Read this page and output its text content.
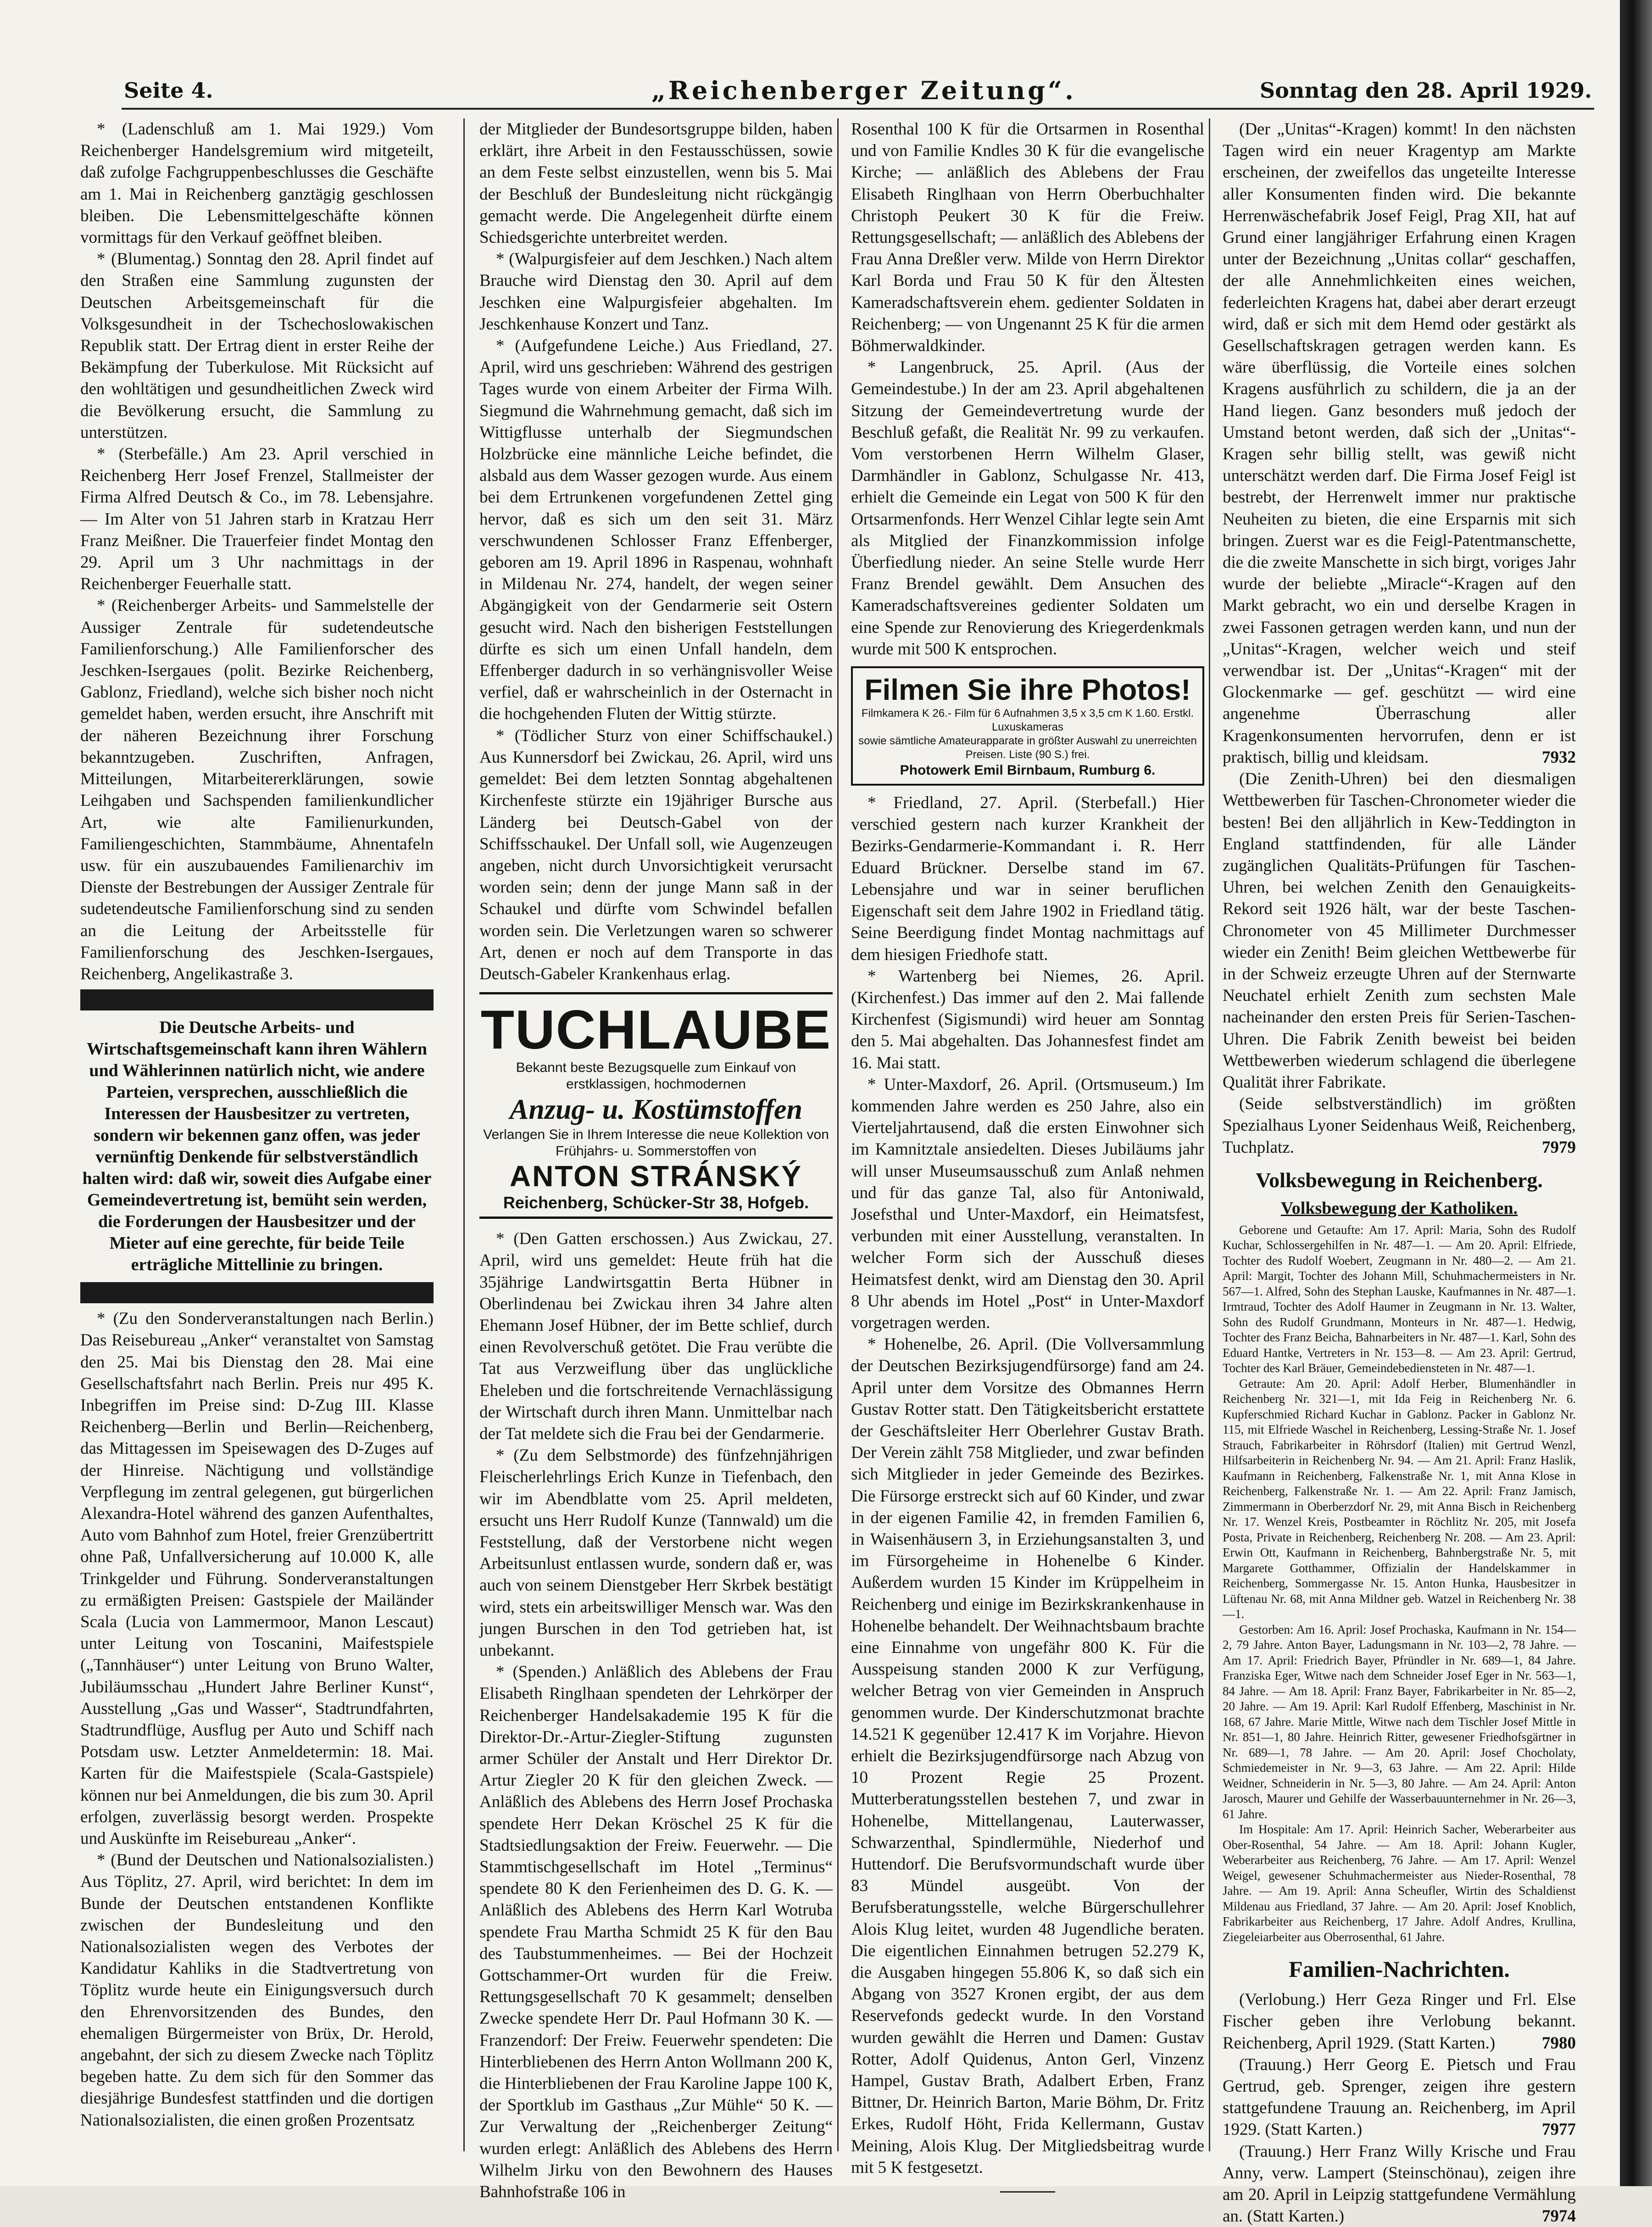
Seite 4.	„Reichenberger Zeitung“.	Sonntag den 28. April 1929.

* (Ladenschluß am 1. Mai 1929.) Vom Reichenberger Handelsgremium wird mitgeteilt, daß zufolge Fachgruppenbeschlusses die Geschäfte am 1. Mai in Reichenberg ganztägig geschlossen bleiben. Die Lebensmittelgeschäfte können vormittags für den Verkauf geöffnet bleiben.

* (Blumentag.) Sonntag den 28. April findet auf den Straßen eine Sammlung zugunsten der Deutschen Arbeitsgemeinschaft für die Volksgesundheit in der Tschechoslowakischen Republik statt. Der Ertrag dient in erster Reihe der Bekämpfung der Tuberkulose. Mit Rücksicht auf den wohltätigen und gesundheitlichen Zweck wird die Bevölkerung ersucht, die Sammlung zu unterstützen.

* (Sterbefälle.) Am 23. April verschied in Reichenberg Herr Josef Frenzel, Stallmeister der Firma Alfred Deutsch & Co., im 78. Lebensjahre. — Im Alter von 51 Jahren starb in Kratzau Herr Franz Meißner. Die Trauerfeier findet Montag den 29. April um 3 Uhr nachmittags in der Reichenberger Feuerhalle statt.

* (Reichenberger Arbeits- und Sammelstelle der Aussiger Zentrale für sudetendeutsche Familienforschung.) Alle Familienforscher des Jeschken-Isergaues (polit. Bezirke Reichenberg, Gablonz, Friedland), welche sich bisher noch nicht gemeldet haben, werden ersucht, ihre Anschrift mit der näheren Bezeichnung ihrer Forschung bekanntzugeben. Zuschriften, Anfragen, Mitteilungen, Mitarbeitererklärungen, sowie Leihgaben und Sachspenden familienkundlicher Art, wie alte Familienurkunden, Familiengeschichten, Stammbäume, Ahnentafeln usw. für ein auszubauendes Familienarchiv im Dienste der Bestrebungen der Aussiger Zentrale für sudetendeutsche Familienforschung sind zu senden an die Leitung der Arbeitsstelle für Familienforschung des Jeschken-Isergaues, Reichenberg, Angelikastraße 3.

Die Deutsche Arbeits- und Wirtschaftsgemeinschaft kann ihren Wählern und Wählerinnen natürlich nicht, wie andere Parteien, versprechen, ausschließlich die Interessen der Hausbesitzer zu vertreten, sondern wir bekennen ganz offen, was jeder vernünftig Denkende für selbstverständlich halten wird: daß wir, soweit dies Aufgabe einer Gemeindevertretung ist, bemüht sein werden, die Forderungen der Hausbesitzer und der Mieter auf eine gerechte, für beide Teile erträgliche Mittellinie zu bringen.

* (Zu den Sonderveranstaltungen nach Berlin.) Das Reisebureau „Anker“ veranstaltet von Samstag den 25. Mai bis Dienstag den 28. Mai eine Gesellschaftsfahrt nach Berlin. Preis nur 495 K. Inbegriffen im Preise sind: D-Zug III. Klasse Reichenberg—Berlin und Berlin—Reichenberg, das Mittagessen im Speisewagen des D-Zuges auf der Hinreise. Nächtigung und vollständige Verpflegung im zentral gelegenen, gut bürgerlichen Alexandra-Hotel während des ganzen Aufenthaltes, Auto vom Bahnhof zum Hotel, freier Grenzübertritt ohne Paß, Unfallversicherung auf 10.000 K, alle Trinkgelder und Führung. Sonderveranstaltungen zu ermäßigten Preisen: Gastspiele der Mailänder Scala (Lucia von Lammermoor, Manon Lescaut) unter Leitung von Toscanini, Maifestspiele („Tannhäuser“) unter Leitung von Bruno Walter, Jubiläumsschau „Hundert Jahre Berliner Kunst“, Ausstellung „Gas und Wasser“, Stadtrundfahrten, Stadtrundflüge, Ausflug per Auto und Schiff nach Potsdam usw. Letzter Anmeldetermin: 18. Mai. Karten für die Maifestspiele (Scala-Gastspiele) können nur bei Anmeldungen, die bis zum 30. April erfolgen, zuverlässig besorgt werden. Prospekte und Auskünfte im Reisebureau „Anker“.

* (Bund der Deutschen und Nationalsozialisten.) Aus Töplitz, 27. April, wird berichtet: In dem im Bunde der Deutschen entstandenen Konflikte zwischen der Bundesleitung und den Nationalsozialisten wegen des Verbotes der Kandidatur Kahliks in die Stadtvertretung von Töplitz wurde heute ein Einigungsversuch durch den Ehrenvorsitzenden des Bundes, den ehemaligen Bürgermeister von Brüx, Dr. Herold, angebahnt, der sich zu diesem Zwecke nach Töplitz begeben hatte. Zu dem sich für den Sommer das diesjährige Bundesfest stattfinden und die dortigen Nationalsozialisten, die einen großen Prozentsatz

der Mitglieder der Bundesortsgruppe bilden, haben erklärt, ihre Arbeit in den Festausschüssen, sowie an dem Feste selbst einzustellen, wenn bis 5. Mai der Beschluß der Bundesleitung nicht rückgängig gemacht werde. Die Angelegenheit dürfte einem Schiedsgerichte unterbreitet werden.

* (Walpurgisfeier auf dem Jeschken.) Nach altem Brauche wird Dienstag den 30. April auf dem Jeschken eine Walpurgisfeier abgehalten. Im Jeschkenhause Konzert und Tanz.

* (Aufgefundene Leiche.) Aus Friedland, 27. April, wird uns geschrieben: Während des gestrigen Tages wurde von einem Arbeiter der Firma Wilh. Siegmund die Wahrnehmung gemacht, daß sich im Wittigflusse unterhalb der Siegmundschen Holzbrücke eine männliche Leiche befindet, die alsbald aus dem Wasser gezogen wurde. Aus einem bei dem Ertrunkenen vorgefundenen Zettel ging hervor, daß es sich um den seit 31. März verschwundenen Schlosser Franz Effenberger, geboren am 19. April 1896 in Raspenau, wohnhaft in Mildenau Nr. 274, handelt, der wegen seiner Abgängigkeit von der Gendarmerie seit Ostern gesucht wird. Nach den bisherigen Feststellungen dürfte es sich um einen Unfall handeln, dem Effenberger dadurch in so verhängnisvoller Weise verfiel, daß er wahrscheinlich in der Osternacht in die hochgehenden Fluten der Wittig stürzte.

* (Tödlicher Sturz von einer Schiffschaukel.) Aus Kunnersdorf bei Zwickau, 26. April, wird uns gemeldet: Bei dem letzten Sonntag abgehaltenen Kirchenfeste stürzte ein 19jähriger Bursche aus Länderg bei Deutsch-Gabel von der Schiffsschaukel. Der Unfall soll, wie Augenzeugen angeben, nicht durch Unvorsichtigkeit verursacht worden sein; denn der junge Mann saß in der Schaukel und dürfte vom Schwindel befallen worden sein. Die Verletzungen waren so schwerer Art, denen er noch auf dem Transporte in das Deutsch-Gabeler Krankenhaus erlag.

TUCHLAUBE
Bekannt beste Bezugsquelle zum Einkauf von erstklassigen, hochmodernen
Anzug- u. Kostümstoffen
Verlangen Sie in Ihrem Interesse die neue Kollektion von Frühjahrs- u. Sommerstoffen von
ANTON STRÁNSKÝ
Reichenberg, Schücker-Str 38, Hofgeb.

* (Den Gatten erschossen.) Aus Zwickau, 27. April, wird uns gemeldet: Heute früh hat die 35jährige Landwirtsgattin Berta Hübner in Oberlindenau bei Zwickau ihren 34 Jahre alten Ehemann Josef Hübner, der im Bette schlief, durch einen Revolverschuß getötet. Die Frau verübte die Tat aus Verzweiflung über das unglückliche Eheleben und die fortschreitende Vernachlässigung der Wirtschaft durch ihren Mann. Unmittelbar nach der Tat meldete sich die Frau bei der Gendarmerie.

* (Zu dem Selbstmorde) des fünfzehnjährigen Fleischerlehrlings Erich Kunze in Tiefenbach, den wir im Abendblatte vom 25. April meldeten, ersucht uns Herr Rudolf Kunze (Tannwald) um die Feststellung, daß der Verstorbene nicht wegen Arbeitsunlust entlassen wurde, sondern daß er, was auch von seinem Dienstgeber Herr Skrbek bestätigt wird, stets ein arbeitswilliger Mensch war. Was den jungen Burschen in den Tod getrieben hat, ist unbekannt.

* (Spenden.) Anläßlich des Ablebens der Frau Elisabeth Ringlhaan spendeten der Lehrkörper der Reichenberger Handelsakademie 195 K für die Direktor-Dr.-Artur-Ziegler-Stiftung zugunsten armer Schüler der Anstalt und Herr Direktor Dr. Artur Ziegler 20 K für den gleichen Zweck. — Anläßlich des Ablebens des Herrn Josef Prochaska spendete Herr Dekan Kröschel 25 K für die Stadtsiedlungsaktion der Freiw. Feuerwehr. — Die Stammtischgesellschaft im Hotel „Terminus“ spendete 80 K den Ferienheimen des D. G. K. — Anläßlich des Ablebens des Herrn Karl Wotruba spendete Frau Martha Schmidt 25 K für den Bau des Taubstummenheimes. — Bei der Hochzeit Gottschammer-Ort wurden für die Freiw. Rettungsgesellschaft 70 K gesammelt; denselben Zwecke spendete Herr Dr. Paul Hofmann 30 K. — Franzendorf: Der Freiw. Feuerwehr spendeten: Die Hinterbliebenen des Herrn Anton Wollmann 200 K, die Hinterbliebenen der Frau Karoline Jappe 100 K, der Sportklub im Gasthaus „Zur Mühle“ 50 K. — Zur Verwaltung der „Reichenberger Zeitung“ wurden erlegt: Anläßlich des Ablebens des Herrn Wilhelm Jirku von den Bewohnern des Hauses Bahnhofstraße 106 in

Rosenthal 100 K für die Ortsarmen in Rosenthal und von Familie Kndles 30 K für die evangelische Kirche; — anläßlich des Ablebens der Frau Elisabeth Ringlhaan von Herrn Oberbuchhalter Christoph Peukert 30 K für die Freiw. Rettungsgesellschaft; — anläßlich des Ablebens der Frau Anna Dreßler verw. Milde von Herrn Direktor Karl Borda und Frau 50 K für den Ältesten Kameradschaftsverein ehem. gedienter Soldaten in Reichenberg; — von Ungenannt 25 K für die armen Böhmerwaldkinder.

* Langenbruck, 25. April. (Aus der Gemeindestube.) In der am 23. April abgehaltenen Sitzung der Gemeindevertretung wurde der Beschluß gefaßt, die Realität Nr. 99 zu verkaufen. Vom verstorbenen Herrn Wilhelm Glaser, Darmhändler in Gablonz, Schulgasse Nr. 413, erhielt die Gemeinde ein Legat von 500 K für den Ortsarmenfonds. Herr Wenzel Cihlar legte sein Amt als Mitglied der Finanzkommission infolge Überfiedlung nieder. An seine Stelle wurde Herr Franz Brendel gewählt. Dem Ansuchen des Kameradschaftsvereines gedienter Soldaten um eine Spende zur Renovierung des Kriegerdenkmals wurde mit 500 K entsprochen.

Filmen Sie ihre Photos!
Filmkamera K 26.- Film für 6 Aufnahmen 3,5 x 3,5 cm K 1.60. Erstkl. Luxuskameras
sowie sämtliche Amateurapparate in größter Auswahl zu unerreichten Preisen. Liste (90 S.) frei.
Photowerk Emil Birnbaum, Rumburg 6.

* Friedland, 27. April. (Sterbefall.) Hier verschied gestern nach kurzer Krankheit der Bezirks-Gendarmerie-Kommandant i. R. Herr Eduard Brückner. Derselbe stand im 67. Lebensjahre und war in seiner beruflichen Eigenschaft seit dem Jahre 1902 in Friedland tätig. Seine Beerdigung findet Montag nachmittags auf dem hiesigen Friedhofe statt.

* Wartenberg bei Niemes, 26. April. (Kirchenfest.) Das immer auf den 2. Mai fallende Kirchenfest (Sigismundi) wird heuer am Sonntag den 5. Mai abgehalten. Das Johannesfest findet am 16. Mai statt.

* Unter-Maxdorf, 26. April. (Ortsmuseum.) Im kommenden Jahre werden es 250 Jahre, also ein Vierteljahrtausend, daß die ersten Einwohner sich im Kamnitztale ansiedelten. Dieses Jubiläums jahr will unser Museumsausschuß zum Anlaß nehmen und für das ganze Tal, also für Antoniwald, Josefsthal und Unter-Maxdorf, ein Heimatsfest, verbunden mit einer Ausstellung, veranstalten. In welcher Form sich der Ausschuß dieses Heimatsfest denkt, wird am Dienstag den 30. April 8 Uhr abends im Hotel „Post“ in Unter-Maxdorf vorgetragen werden.

* Hohenelbe, 26. April. (Die Vollversammlung der Deutschen Bezirksjugendfürsorge) fand am 24. April unter dem Vorsitze des Obmannes Herrn Gustav Rotter statt. Den Tätigkeitsbericht erstattete der Geschäftsleiter Herr Oberlehrer Gustav Brath. Der Verein zählt 758 Mitglieder, und zwar befinden sich Mitglieder in jeder Gemeinde des Bezirkes. Die Fürsorge erstreckt sich auf 60 Kinder, und zwar in der eigenen Familie 42, in fremden Familien 6, in Waisenhäusern 3, in Erziehungsanstalten 3, und im Fürsorgeheime in Hohenelbe 6 Kinder. Außerdem wurden 15 Kinder im Krüppelheim in Reichenberg und einige im Bezirkskrankenhause in Hohenelbe behandelt. Der Weihnachtsbaum brachte eine Einnahme von ungefähr 800 K. Für die Ausspeisung standen 2000 K zur Verfügung, welcher Betrag von vier Gemeinden in Anspruch genommen wurde. Der Kinderschutzmonat brachte 14.521 K gegenüber 12.417 K im Vorjahre. Hievon erhielt die Bezirksjugendfürsorge nach Abzug von 10 Prozent Regie 25 Prozent. Mutterberatungsstellen bestehen 7, und zwar in Hohenelbe, Mittellangenau, Lauterwasser, Schwarzenthal, Spindlermühle, Niederhof und Huttendorf. Die Berufsvormundschaft wurde über 83 Mündel ausgeübt. Von der Berufsberatungsstelle, welche Bürgerschullehrer Alois Klug leitet, wurden 48 Jugendliche beraten. Die eigentlichen Einnahmen betrugen 52.279 K, die Ausgaben hingegen 55.806 K, so daß sich ein Abgang von 3527 Kronen ergibt, der aus dem Reservefonds gedeckt wurde. In den Vorstand wurden gewählt die Herren und Damen: Gustav Rotter, Adolf Quidenus, Anton Gerl, Vinzenz Hampel, Gustav Brath, Adalbert Erben, Franz Bittner, Dr. Heinrich Barton, Marie Böhm, Dr. Fritz Erkes, Rudolf Höht, Frida Kellermann, Gustav Meining, Alois Klug. Der Mitgliedsbeitrag wurde mit 5 K festgesetzt.

(Der „Unitas“-Kragen) kommt! In den nächsten Tagen wird ein neuer Kragentyp am Markte erscheinen, der zweifellos das ungeteilte Interesse aller Konsumenten finden wird. Die bekannte Herrenwäschefabrik Josef Feigl, Prag XII, hat auf Grund einer langjähriger Erfahrung einen Kragen unter der Bezeichnung „Unitas collar“ geschaffen, der alle Annehmlichkeiten eines weichen, federleichten Kragens hat, dabei aber derart erzeugt wird, daß er sich mit dem Hemd oder gestärkt als Gesellschaftskragen getragen werden kann. Es wäre überflüssig, die Vorteile eines solchen Kragens ausführlich zu schildern, die ja an der Hand liegen. Ganz besonders muß jedoch der Umstand betont werden, daß sich der „Unitas“-Kragen sehr billig stellt, was gewiß nicht unterschätzt werden darf. Die Firma Josef Feigl ist bestrebt, der Herrenwelt immer nur praktische Neuheiten zu bieten, die eine Ersparnis mit sich bringen. Zuerst war es die Feigl-Patentmanschette, die die zweite Manschette in sich birgt, voriges Jahr wurde der beliebte „Miracle“-Kragen auf den Markt gebracht, wo ein und derselbe Kragen in zwei Fassonen getragen werden kann, und nun der „Unitas“-Kragen, welcher weich und steif verwendbar ist. Der „Unitas“-Kragen“ mit der Glockenmarke — gef. geschützt — wird eine angenehme Überraschung aller Kragenkonsumenten hervorrufen, denn er ist praktisch, billig und kleidsam.	7932

(Die Zenith-Uhren) bei den diesmaligen Wettbewerben für Taschen-Chronometer wieder die besten! Bei den alljährlich in Kew-Teddington in England stattfindenden, für alle Länder zugänglichen Qualitäts-Prüfungen für Taschen-Uhren, bei welchen Zenith den Genauigkeits-Rekord seit 1926 hält, war der beste Taschen-Chronometer von 45 Millimeter Durchmesser wieder ein Zenith! Beim gleichen Wettbewerbe für in der Schweiz erzeugte Uhren auf der Sternwarte Neuchatel erhielt Zenith zum sechsten Male nacheinander den ersten Preis für Serien-Taschen-Uhren. Die Fabrik Zenith beweist bei beiden Wettbewerben wiederum schlagend die überlegene Qualität ihrer Fabrikate.

(Seide selbstverständlich) im größten Spezialhaus Lyoner Seidenhaus Weiß, Reichenberg, Tuchplatz.	7979

Volksbewegung in Reichenberg.
Volksbewegung der Katholiken.

Geborene und Getaufte: Am 17. April: Maria, Sohn des Rudolf Kuchar, Schlossergehilfen in Nr. 487—1. — Am 20. April: Elfriede, Tochter des Rudolf Woebert, Zeugmann in Nr. 480—2. — Am 21. April: Margit, Tochter des Johann Mill, Schuhmachermeisters in Nr. 567—1. Alfred, Sohn des Stephan Lauske, Kaufmannes in Nr. 487—1. Irmtraud, Tochter des Adolf Haumer in Zeugmann in Nr. 13. Walter, Sohn des Rudolf Grundmann, Monteurs in Nr. 487—1. Hedwig, Tochter des Franz Beicha, Bahnarbeiters in Nr. 487—1. Karl, Sohn des Eduard Hantke, Vertreters in Nr. 153—8. — Am 23. April: Gertrud, Tochter des Karl Bräuer, Gemeindebediensteten in Nr. 487—1.

Getraute: Am 20. April: Adolf Herber, Blumenhändler in Reichenberg Nr. 321—1, mit Ida Feig in Reichenberg Nr. 6. Kupferschmied Richard Kuchar in Gablonz. Packer in Gablonz Nr. 115, mit Elfriede Waschel in Reichenberg, Lessing-Straße Nr. 1. Josef Strauch, Fabrikarbeiter in Röhrsdorf (Italien) mit Gertrud Wenzl, Hilfsarbeiterin in Reichenberg Nr. 94. — Am 21. April: Franz Haslik, Kaufmann in Reichenberg, Falkenstraße Nr. 1, mit Anna Klose in Reichenberg, Falkenstraße Nr. 1. — Am 22. April: Franz Jamisch, Zimmermann in Oberberzdorf Nr. 29, mit Anna Bisch in Reichenberg Nr. 17. Wenzel Kreis, Postbeamter in Röchlitz Nr. 205, mit Josefa Posta, Private in Reichenberg, Reichenberg Nr. 208. — Am 23. April: Erwin Ott, Kaufmann in Reichenberg, Bahnbergstraße Nr. 5, mit Margarete Gotthammer, Offizialin der Handelskammer in Reichenberg, Sommergasse Nr. 15. Anton Hunka, Hausbesitzer in Lüftenau Nr. 68, mit Anna Mildner geb. Watzel in Reichenberg Nr. 38—1.

Gestorben: Am 16. April: Josef Prochaska, Kaufmann in Nr. 154—2, 79 Jahre. Anton Bayer, Ladungsmann in Nr. 103—2, 78 Jahre. — Am 17. April: Friedrich Bayer, Pfründler in Nr. 689—1, 84 Jahre. Franziska Eger, Witwe nach dem Schneider Josef Eger in Nr. 563—1, 84 Jahre. — Am 18. April: Franz Bayer, Fabrikarbeiter in Nr. 85—2, 20 Jahre. — Am 19. April: Karl Rudolf Effenberg, Maschinist in Nr. 168, 67 Jahre. Marie Mittle, Witwe nach dem Tischler Josef Mittle in Nr. 851—1, 80 Jahre. Heinrich Ritter, gewesener Friedhofsgärtner in Nr. 689—1, 78 Jahre. — Am 20. April: Josef Chocholaty, Schmiedemeister in Nr. 9—3, 63 Jahre. — Am 22. April: Hilde Weidner, Schneiderin in Nr. 5—3, 80 Jahre. — Am 24. April: Anton Jarosch, Maurer und Gehilfe der Wasserbauunternehmer in Nr. 26—3, 61 Jahre.

Im Hospitale: Am 17. April: Heinrich Sacher, Weberarbeiter aus Ober-Rosenthal, 54 Jahre. — Am 18. April: Johann Kugler, Weberarbeiter aus Reichenberg, 76 Jahre. — Am 17. April: Wenzel Weigel, gewesener Schuhmachermeister aus Nieder-Rosenthal, 78 Jahre. — Am 19. April: Anna Scheufler, Wirtin des Schaldienst Mildenau aus Friedland, 37 Jahre. — Am 20. April: Josef Knoblich, Fabrikarbeiter aus Reichenberg, 17 Jahre. Adolf Andres, Krullina, Ziegeleiarbeiter aus Oberrosenthal, 61 Jahre.

Familien-Nachrichten.

(Verlobung.) Herr Geza Ringer und Frl. Else Fischer geben ihre Verlobung bekannt. Reichenberg, April 1929. (Statt Karten.)	7980

(Trauung.) Herr Georg E. Pietsch und Frau Gertrud, geb. Sprenger, zeigen ihre gestern stattgefundene Trauung an. Reichenberg, im April 1929. (Statt Karten.)	7977

(Trauung.) Herr Franz Willy Krische und Frau Anny, verw. Lampert (Steinschönau), zeigen ihre am 20. April in Leipzig stattgefundene Vermählung an. (Statt Karten.)	7974
